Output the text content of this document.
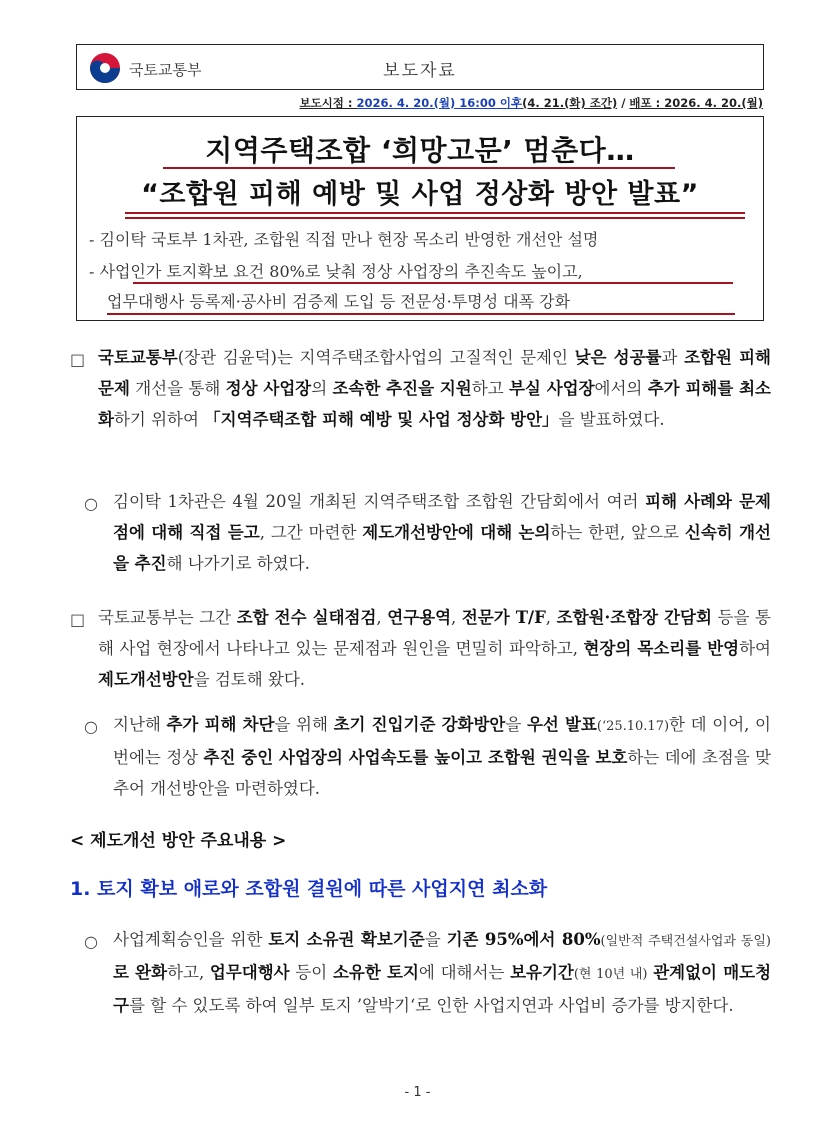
국토교통부	보도자료
보도시점 : 2026. 4. 20.(월) 16:00 이후(4. 21.(화) 조간) / 배포 : 2026. 4. 20.(월)
지역주택조합 ‘희망고문’ 멈춘다…
“조합원 피해 예방 및 사업 정상화 방안 발표”
- 김이탁 국토부 1차관, 조합원 직접 만나 현장 목소리 반영한 개선안 설명
- 사업인가 토지확보 요건 80%로 낮춰 정상 사업장의 추진속도 높이고,
업무대행사 등록제·공사비 검증제 도입 등 전문성·투명성 대폭 강화
□ 국토교통부(장관 김윤덕)는 지역주택조합사업의 고질적인 문제인 낮은 성공률과 조합원 피해 문제 개선을 통해 정상 사업장의 조속한 추진을 지원하고 부실 사업장에서의 추가 피해를 최소화하기 위하여 「지역주택조합 피해 예방 및 사업 정상화 방안」을 발표하였다.
○ 김이탁 1차관은 4월 20일 개최된 지역주택조합 조합원 간담회에서 여러 피해 사례와 문제점에 대해 직접 듣고, 그간 마련한 제도개선방안에 대해 논의하는 한편, 앞으로 신속히 개선을 추진해 나가기로 하였다.
□ 국토교통부는 그간 조합 전수 실태점검, 연구용역, 전문가 T/F, 조합원·조합장 간담회 등을 통해 사업 현장에서 나타나고 있는 문제점과 원인을 면밀히 파악하고, 현장의 목소리를 반영하여 제도개선방안을 검토해 왔다.
○ 지난해 추가 피해 차단을 위해 초기 진입기준 강화방안을 우선 발표(‘25.10.17)한 데 이어, 이번에는 정상 추진 중인 사업장의 사업속도를 높이고 조합원 권익을 보호하는 데에 초점을 맞추어 개선방안을 마련하였다.
< 제도개선 방안 주요내용 >
1. 토지 확보 애로와 조합원 결원에 따른 사업지연 최소화
○ 사업계획승인을 위한 토지 소유권 확보기준을 기존 95%에서 80%(일반적 주택건설사업과 동일)로 완화하고, 업무대행사 등이 소유한 토지에 대해서는 보유기간(현 10년 내) 관계없이 매도청구를 할 수 있도록 하여 일부 토지 ’알박기‘로 인한 사업지연과 사업비 증가를 방지한다.
- 1 -
